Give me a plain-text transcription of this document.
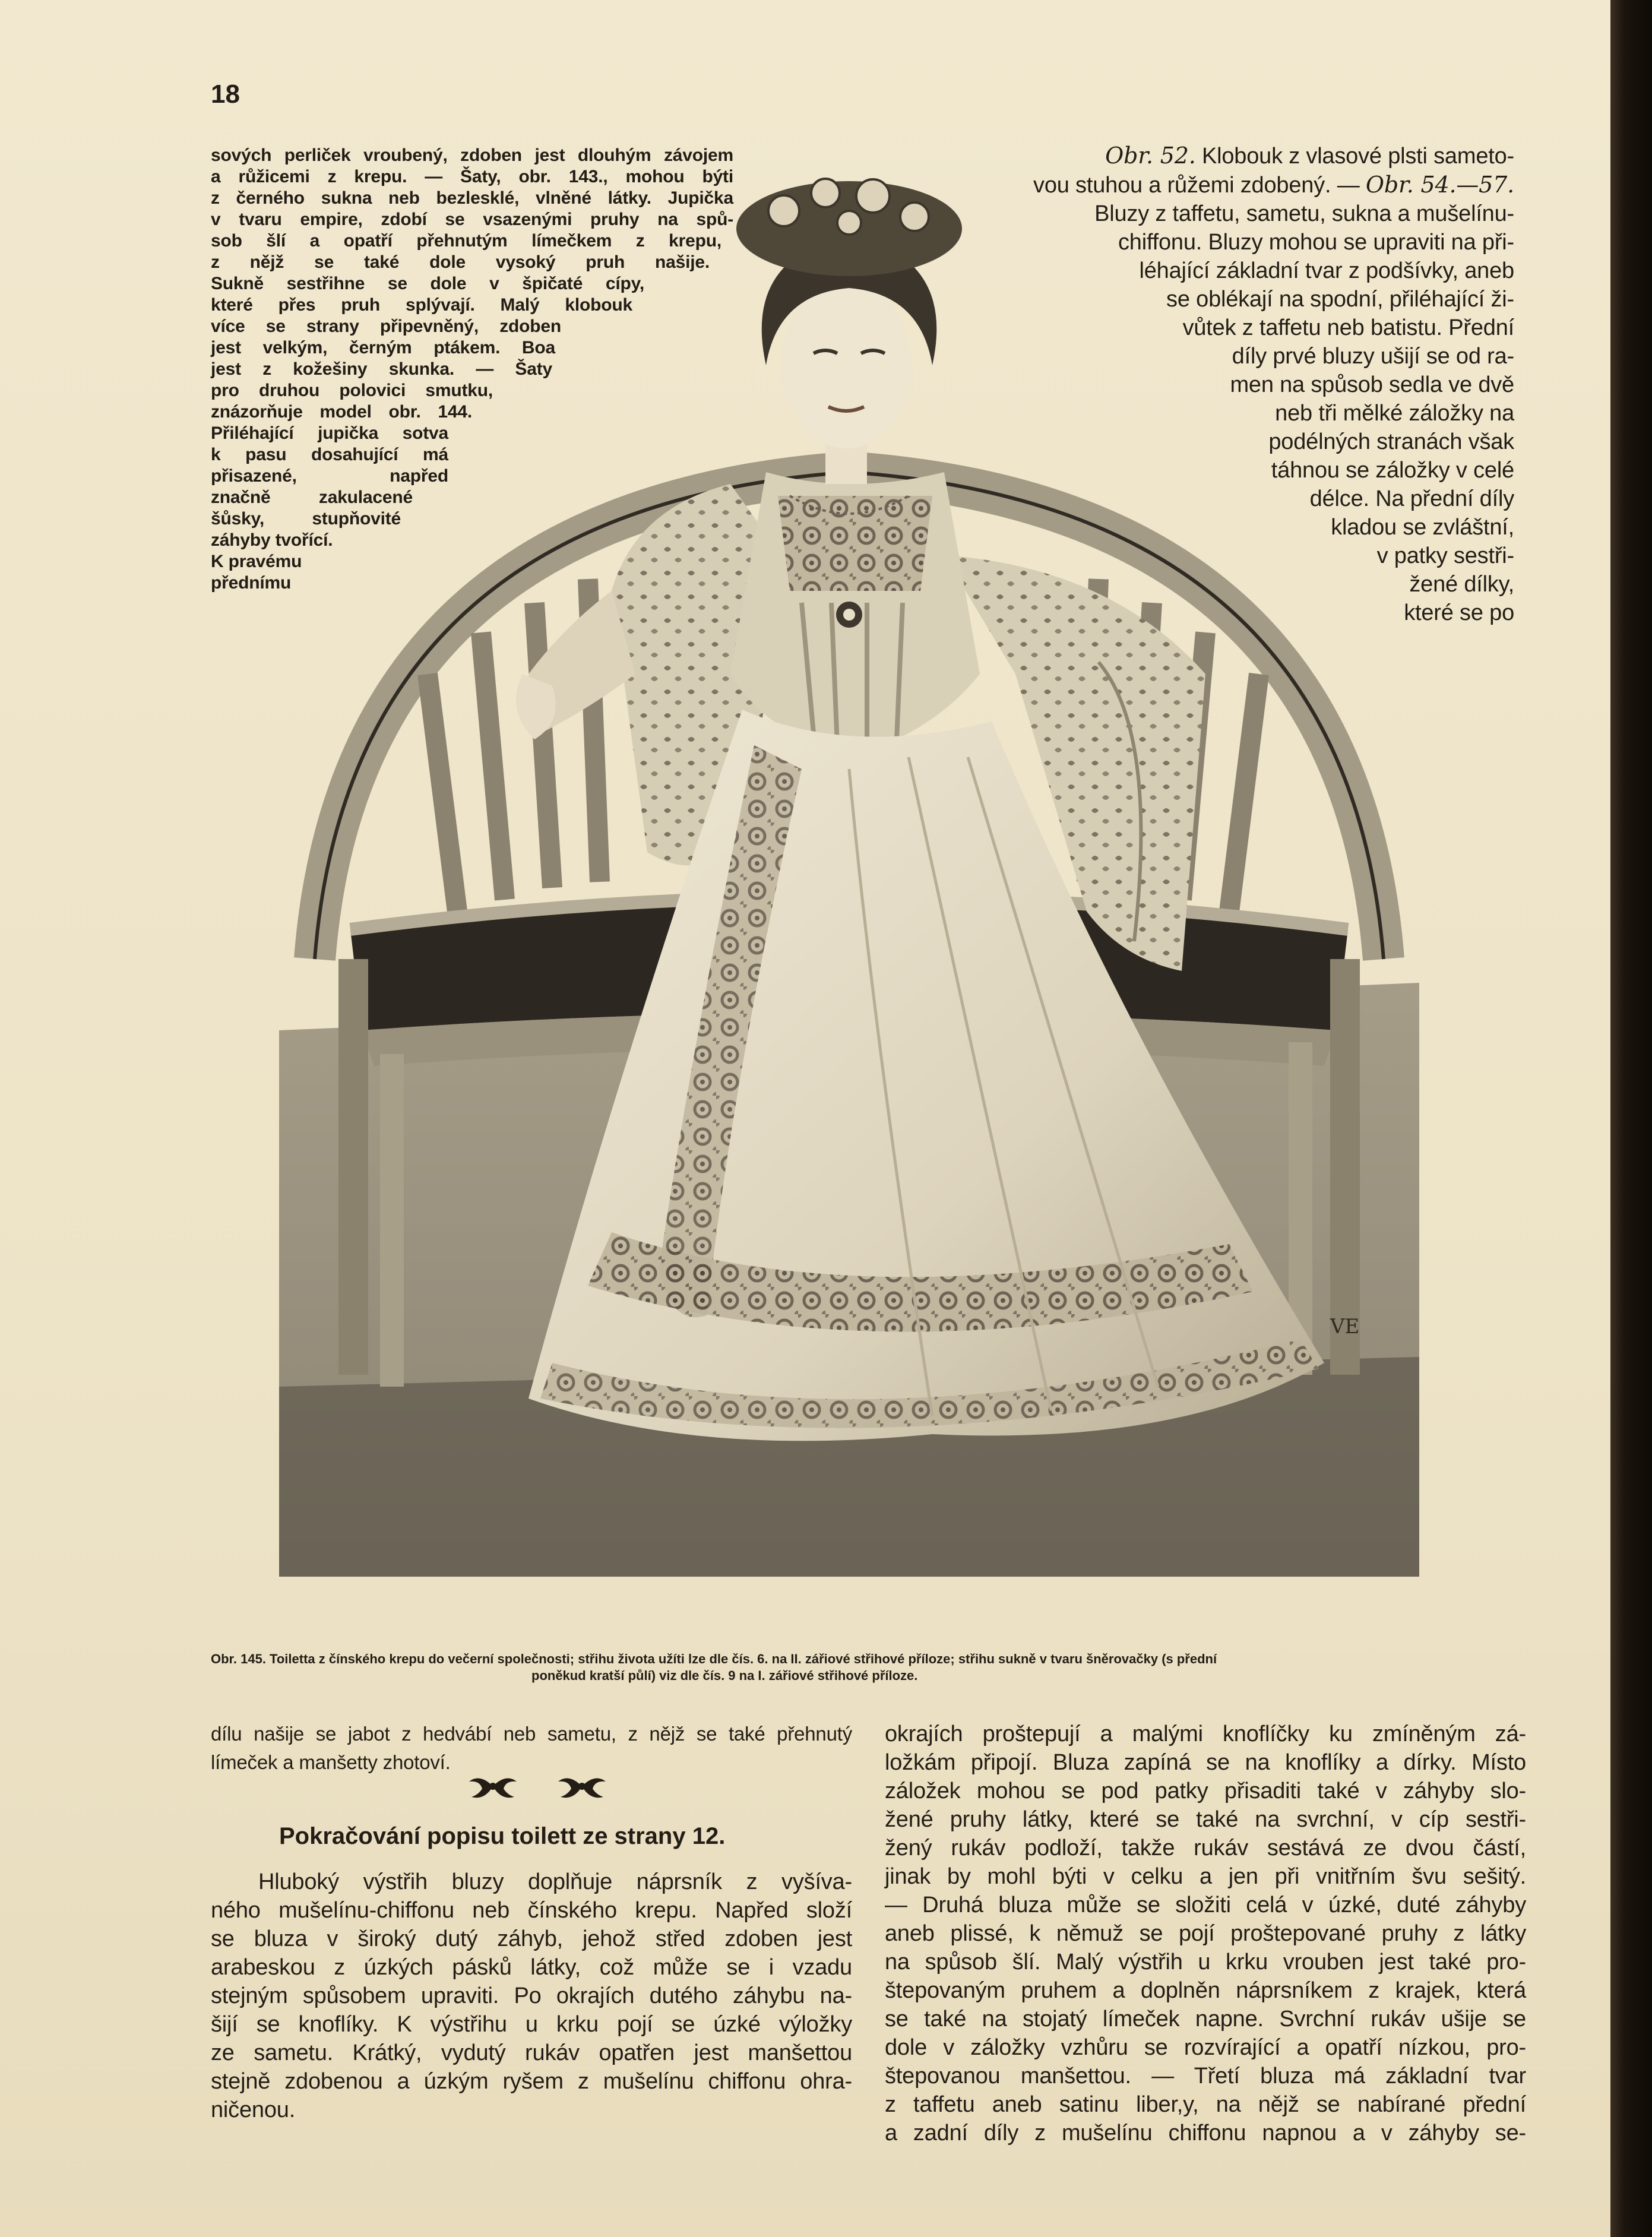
18

sových perliček vroubený, zdoben jest dlouhým závojem
a růžicemi z krepu. — Šaty, obr. 143., mohou býti
z černého sukna neb bezlesklé, vlněné látky. Jupička
v tvaru empire, zdobí se vsazenými pruhy na spů-
sob šlí a opatří přehnutým límečkem z krepu,
z nějž se také dole vysoký pruh našije.
Sukně sestřihne se dole v špičaté cípy,
které přes pruh splývají. Malý klobouk
více se strany připevněný, zdoben
jest velkým, černým ptákem. Boa
jest z kožešiny skunka. — Šaty
pro druhou polovici smutku,
znázorňuje model obr. 144.
Přiléhající jupička sotva
k pasu dosahující má
přisazené, napřed
značně zakulacené
šůsky, stupňovité
záhyby tvořící.
K pravému
přednímu

VE

Obr. 145. Toiletta z čínského krepu do večerní společnosti; střihu života užíti lze dle čís. 6. na II. zářiové střihové příloze; střihu sukně v tvaru šněrovačky (s přední
poněkud kratší půlí) viz dle čís. 9 na I. zářiové střihové příloze.

Obr. 52. Klobouk z vlasové plsti sameto-
vou stuhou a růžemi zdobený. — Obr. 54.—57.
Bluzy z taffetu, sametu, sukna a mušelínu-
chiffonu. Bluzy mohou se upraviti na při-
léhající základní tvar z podšívky, aneb
se oblékají na spodní, přiléhající ži-
vůtek z taffetu neb batistu. Přední
díly prvé bluzy ušijí se od ra-
men na spůsob sedla ve dvě
neb tři mělké záložky na
podélných stranách však
táhnou se záložky v celé
délce. Na přední díly
kladou se zvláštní,
v patky sestři-
žené dílky,
které se po

dílu našije se jabot z hedvábí neb sametu, z nějž se také přehnutý
límeček a manšetty zhotoví.

Pokračování popisu toilett ze strany 12.

Hluboký výstřih bluzy doplňuje náprsník z vyšíva-
ného mušelínu-chiffonu neb čínského krepu. Napřed složí
se bluza v široký dutý záhyb, jehož střed zdoben jest
arabeskou z úzkých pásků látky, což může se i vzadu
stejným spůsobem upraviti. Po okrajích dutého záhybu na-
šijí se knoflíky. K výstřihu u krku pojí se úzké výložky
ze sametu. Krátký, vydutý rukáv opatřen jest manšettou
stejně zdobenou a úzkým ryšem z mušelínu chiffonu ohra-
ničenou.

okrajích proštepují a malými knoflíčky ku zmíněným zá-
ložkám připojí. Bluza zapíná se na knoflíky a dírky. Místo
záložek mohou se pod patky přisaditi také v záhyby slo-
žené pruhy látky, které se také na svrchní, v cíp sestři-
žený rukáv podloží, takže rukáv sestává ze dvou částí,
jinak by mohl býti v celku a jen při vnitřním švu sešitý.
— Druhá bluza může se složiti celá v úzké, duté záhyby
aneb plissé, k němuž se pojí proštepované pruhy z látky
na spůsob šlí. Malý výstřih u krku vrouben jest také pro-
štepovaným pruhem a doplněn náprsníkem z krajek, která
se také na stojatý límeček napne. Svrchní rukáv ušije se
dole v záložky vzhůru se rozvírající a opatří nízkou, pro-
štepovanou manšettou. — Třetí bluza má základní tvar
z taffetu aneb satinu liber,y, na nějž se nabírané přední
a zadní díly z mušelínu chiffonu napnou a v záhyby se-
